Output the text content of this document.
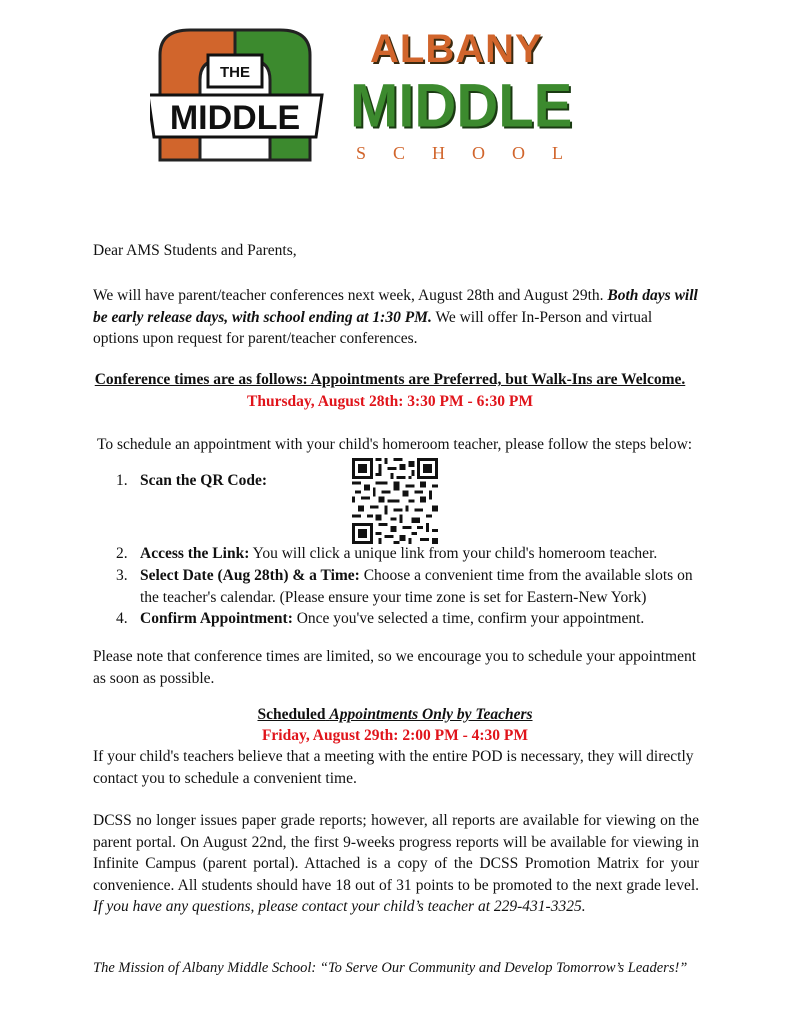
THE
MIDDLE
ALBANY
MIDDLE
SCHOOL
Dear AMS Students and Parents,
We will have parent/teacher conferences next week, August 28th and August 29th. Both days will be early release days, with school ending at 1:30 PM. We will offer In-Person and virtual options upon request for parent/teacher conferences.
Conference times are as follows: Appointments are Preferred, but Walk-Ins are Welcome.
Thursday, August 28th: 3:30 PM - 6:30 PM
To schedule an appointment with your child's homeroom teacher, please follow the steps below:
1. Scan the QR Code:
2. Access the Link: You will click a unique link from your child's homeroom teacher.
3. Select Date (Aug 28th) & a Time: Choose a convenient time from the available slots on the teacher's calendar. (Please ensure your time zone is set for Eastern-New York)
4. Confirm Appointment: Once you've selected a time, confirm your appointment.
Please note that conference times are limited, so we encourage you to schedule your appointment as soon as possible.
Scheduled Appointments Only by Teachers
Friday, August 29th: 2:00 PM - 4:30 PM
If your child's teachers believe that a meeting with the entire POD is necessary, they will directly contact you to schedule a convenient time.
DCSS no longer issues paper grade reports; however, all reports are available for viewing on the parent portal. On August 22nd, the first 9-weeks progress reports will be available for viewing in Infinite Campus (parent portal). Attached is a copy of the DCSS Promotion Matrix for your convenience. All students should have 18 out of 31 points to be promoted to the next grade level. If you have any questions, please contact your child’s teacher at 229-431-3325.
The Mission of Albany Middle School: “To Serve Our Community and Develop Tomorrow’s Leaders!”
